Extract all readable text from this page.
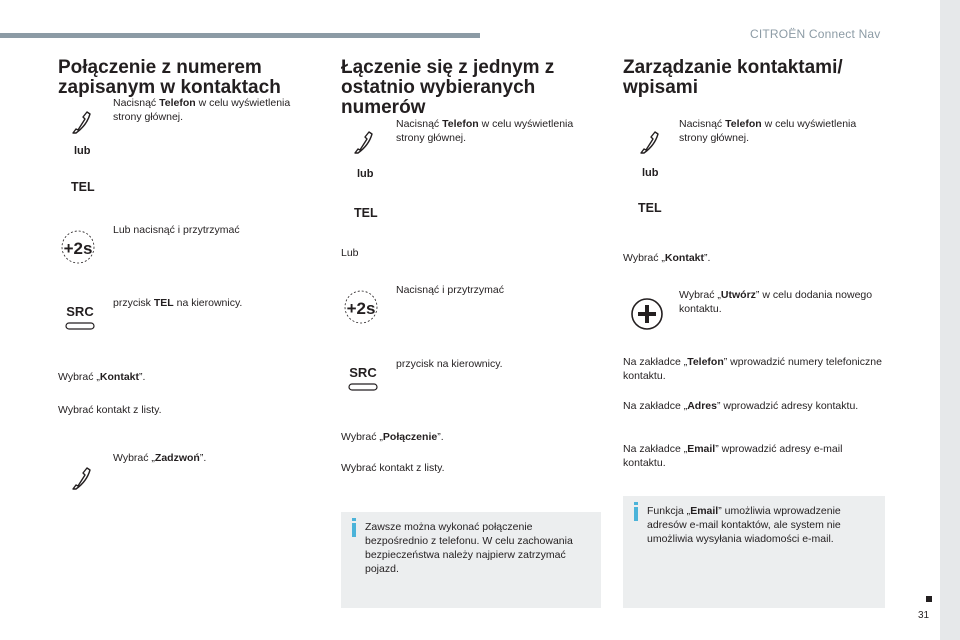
CITROËN Connect Nav
31
Połączenie z numerem zapisanym w kontaktach
Nacisnąć Telefon w celu wyświetlenia strony głównej.
lub
TEL
+2s
Lub nacisnąć i przytrzymać
SRC
przycisk TEL na kierownicy.
Wybrać „Kontakt”.
Wybrać kontakt z listy.
Wybrać „Zadzwoń”.
Łączenie się z jednym z ostatnio wybieranych numerów
Nacisnąć Telefon w celu wyświetlenia strony głównej.
lub
TEL
Lub
+2s
Nacisnąć i przytrzymać
SRC
przycisk na kierownicy.
Wybrać „Połączenie”.
Wybrać kontakt z listy.
Zawsze można wykonać połączenie bezpośrednio z telefonu. W celu zachowania bezpieczeństwa należy najpierw zatrzymać pojazd.
Zarządzanie kontaktami/ wpisami
Nacisnąć Telefon w celu wyświetlenia strony głównej.
lub
TEL
Wybrać „Kontakt”.
Wybrać „Utwórz” w celu dodania nowego kontaktu.
Na zakładce „Telefon” wprowadzić numery telefoniczne kontaktu.
Na zakładce „Adres” wprowadzić adresy kontaktu.
Na zakładce „Email” wprowadzić adresy e-mail kontaktu.
Funkcja „Email” umożliwia wprowadzenie adresów e-mail kontaktów, ale system nie umożliwia wysyłania wiadomości e-mail.
